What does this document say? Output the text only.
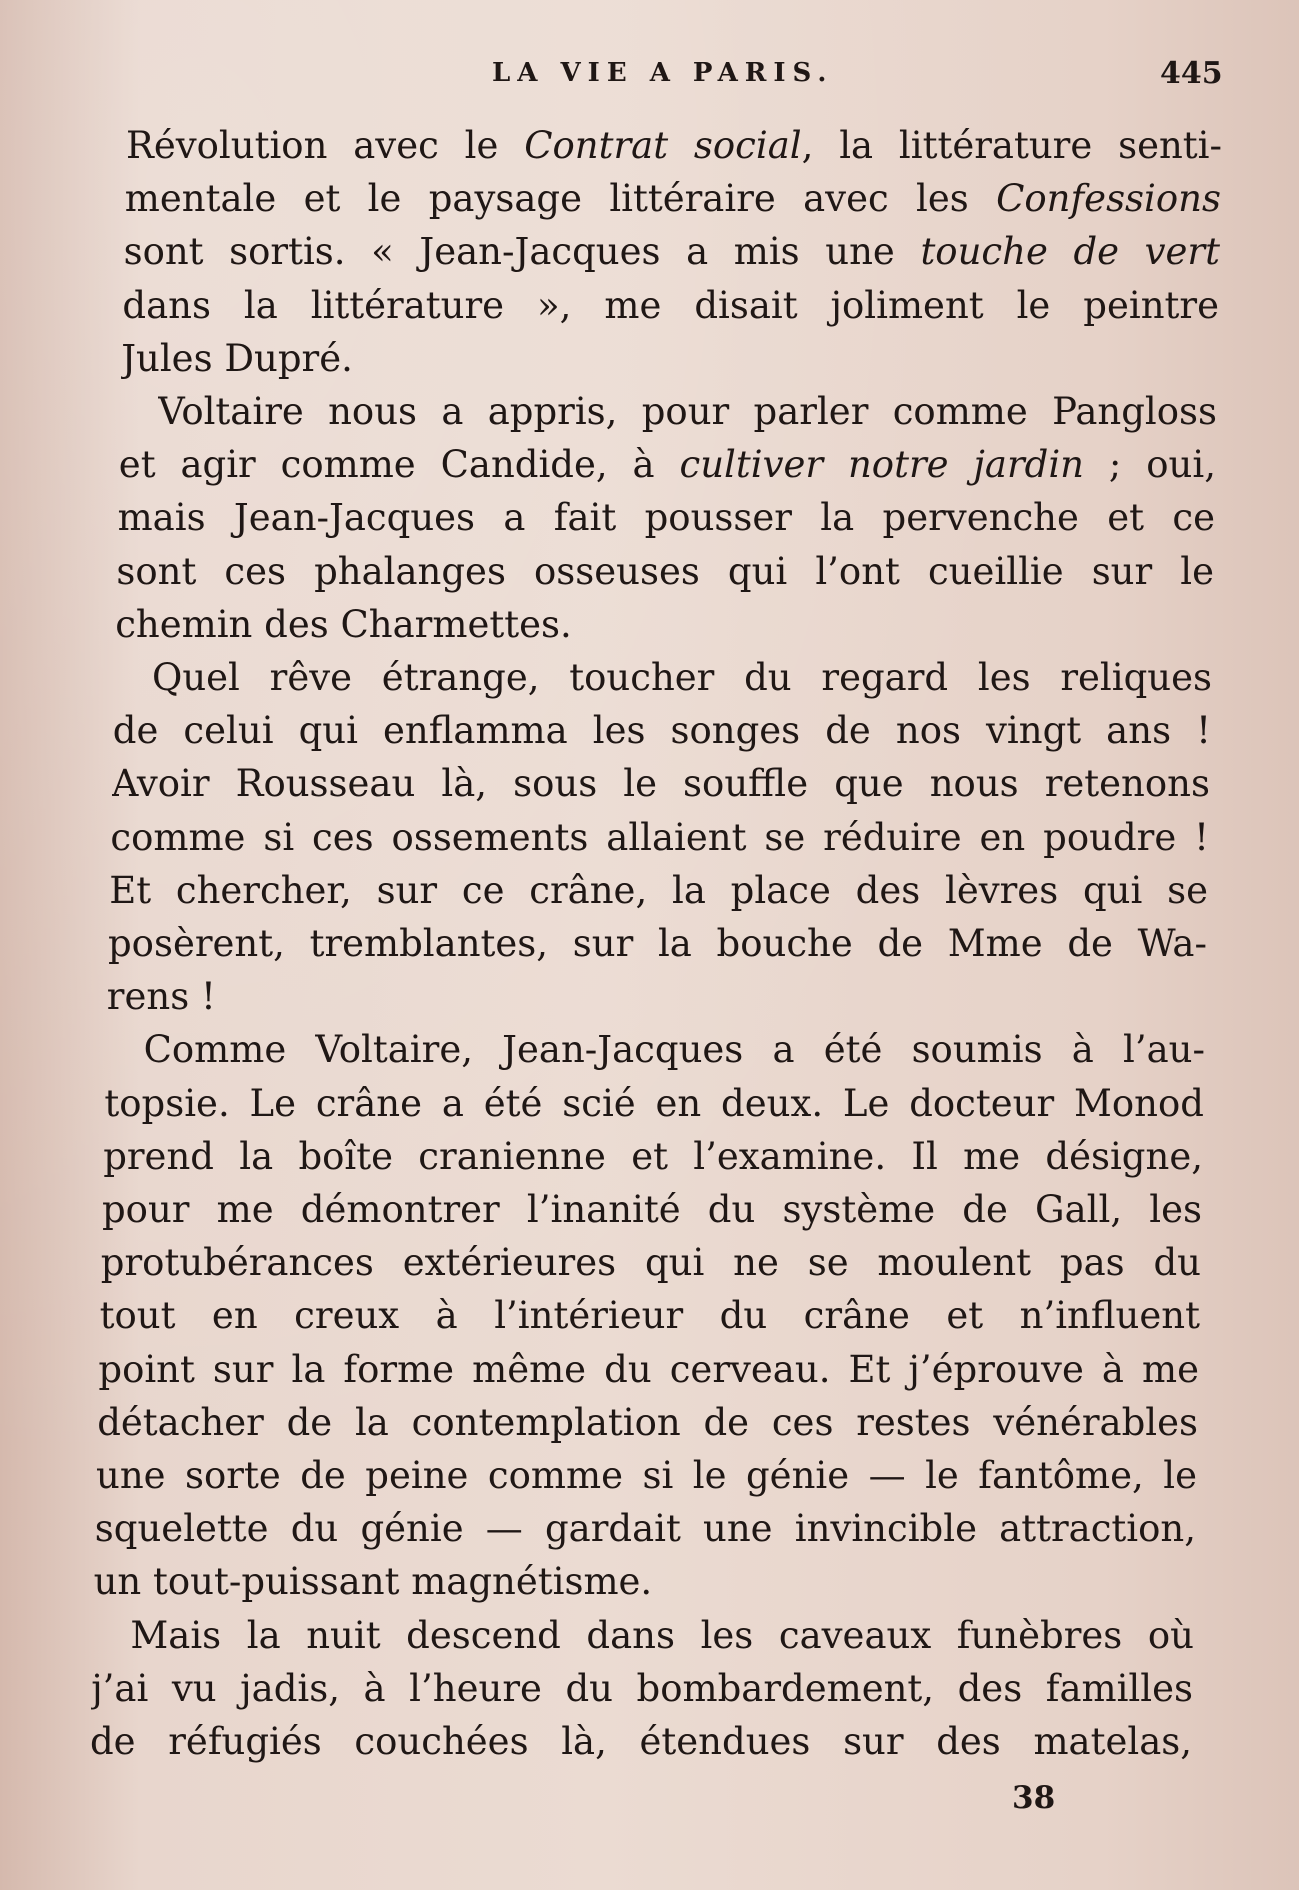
LA VIE A PARIS.	445
Révolution avec le Contrat social, la littérature senti-
mentale et le paysage littéraire avec les Confessions
sont sortis. « Jean-Jacques a mis une touche de vert
dans la littérature », me disait joliment le peintre
Jules Dupré.
Voltaire nous a appris, pour parler comme Pangloss
et agir comme Candide, à cultiver notre jardin ; oui,
mais Jean-Jacques a fait pousser la pervenche et ce
sont ces phalanges osseuses qui l’ont cueillie sur le
chemin des Charmettes.
Quel rêve étrange, toucher du regard les reliques
de celui qui enflamma les songes de nos vingt ans !
Avoir Rousseau là, sous le souffle que nous retenons
comme si ces ossements allaient se réduire en poudre !
Et chercher, sur ce crâne, la place des lèvres qui se
posèrent, tremblantes, sur la bouche de Mme de Wa-
rens !
Comme Voltaire, Jean-Jacques a été soumis à l’au-
topsie. Le crâne a été scié en deux. Le docteur Monod
prend la boîte cranienne et l’examine. Il me désigne,
pour me démontrer l’inanité du système de Gall, les
protubérances extérieures qui ne se moulent pas du
tout en creux à l’intérieur du crâne et n’influent
point sur la forme même du cerveau. Et j’éprouve à me
détacher de la contemplation de ces restes vénérables
une sorte de peine comme si le génie — le fantôme, le
squelette du génie — gardait une invincible attraction,
un tout-puissant magnétisme.
Mais la nuit descend dans les caveaux funèbres où
j’ai vu jadis, à l’heure du bombardement, des familles
de réfugiés couchées là, étendues sur des matelas,
38
